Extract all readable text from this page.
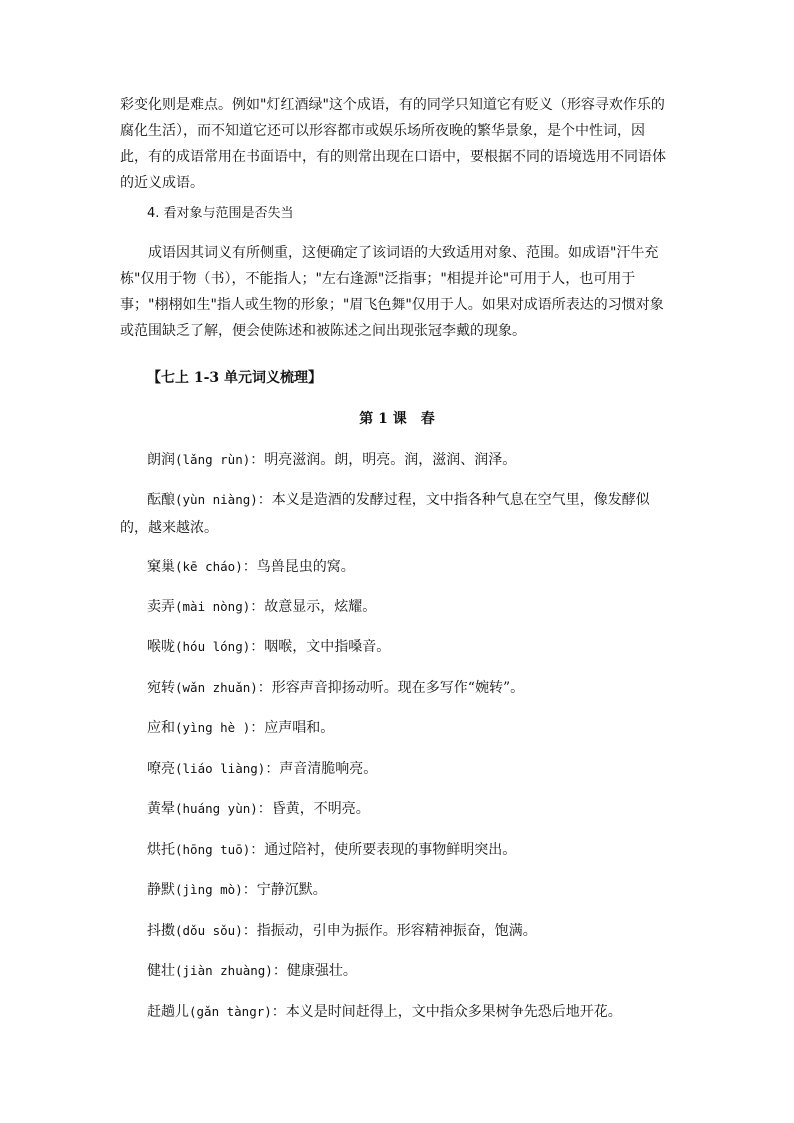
彩变化则是难点。例如"灯红酒绿"这个成语，有的同学只知道它有贬义（形容寻欢作乐的腐化生活），而不知道它还可以形容都市或娱乐场所夜晚的繁华景象，是个中性词，因此，有的成语常用在书面语中，有的则常出现在口语中，要根据不同的语境选用不同语体的近义成语。
4. 看对象与范围是否失当
成语因其词义有所侧重，这便确定了该词语的大致适用对象、范围。如成语"汗牛充栋"仅用于物（书），不能指人；"左右逢源"泛指事；"相提并论"可用于人，也可用于事；"栩栩如生"指人或生物的形象；"眉飞色舞"仅用于人。如果对成语所表达的习惯对象或范围缺乏了解，便会使陈述和被陈述之间出现张冠李戴的现象。
【七上 1-3 单元词义梳理】
第 1 课　春
朗润(lǎng rùn)：明亮滋润。朗，明亮。润，滋润、润泽。
酝酿(yùn niàng)：本义是造酒的发酵过程，文中指各种气息在空气里，像发酵似的，越来越浓。
窠巢(kē cháo)：鸟兽昆虫的窝。
卖弄(mài nòng)：故意显示，炫耀。
喉咙(hóu lóng)：咽喉，文中指嗓音。
宛转(wǎn zhuǎn)：形容声音抑扬动听。现在多写作“婉转”。
应和(yìng hè )：应声唱和。
嘹亮(liáo liàng)：声音清脆响亮。
黄晕(huáng yùn)：昏黄，不明亮。
烘托(hōng tuō)：通过陪衬，使所要表现的事物鲜明突出。
静默(jìng mò)：宁静沉默。
抖擞(dǒu sǒu)：指振动，引申为振作。形容精神振奋，饱满。
健壮(jiàn zhuàng)：健康强壮。
赶趟儿(gǎn tàngr)：本义是时间赶得上，文中指众多果树争先恐后地开花。
